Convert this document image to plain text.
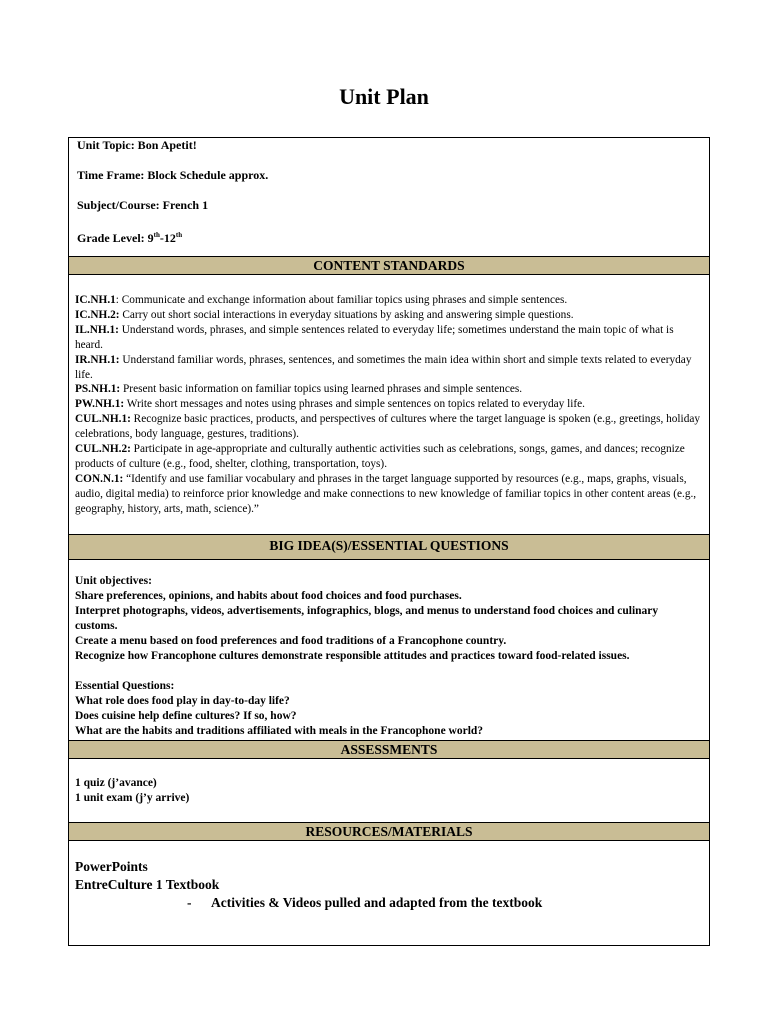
Unit Plan

Unit Topic: Bon Apetit!

Time Frame: Block Schedule approx.

Subject/Course: French 1

Grade Level: 9th-12th

CONTENT STANDARDS

IC.NH.1: Communicate and exchange information about familiar topics using phrases and simple sentences.

IC.NH.2: Carry out short social interactions in everyday situations by asking and answering simple questions.

IL.NH.1: Understand words, phrases, and simple sentences related to everyday life; sometimes understand the main topic of what is heard.

IR.NH.1: Understand familiar words, phrases, sentences, and sometimes the main idea within short and simple texts related to everyday life.

PS.NH.1: Present basic information on familiar topics using learned phrases and simple sentences.

PW.NH.1: Write short messages and notes using phrases and simple sentences on topics related to everyday life.

CUL.NH.1: Recognize basic practices, products, and perspectives of cultures where the target language is spoken (e.g., greetings, holiday celebrations, body language, gestures, traditions).

CUL.NH.2: Participate in age-appropriate and culturally authentic activities such as celebrations, songs, games, and dances; recognize products of culture (e.g., food, shelter, clothing, transportation, toys).

CON.N.1: “Identify and use familiar vocabulary and phrases in the target language supported by resources (e.g., maps, graphs, visuals, audio, digital media) to reinforce prior knowledge and make connections to new knowledge of familiar topics in other content areas (e.g., geography, history, arts, math, science).”

BIG IDEA(S)/ESSENTIAL QUESTIONS

Unit objectives:

Share preferences, opinions, and habits about food choices and food purchases.

Interpret photographs, videos, advertisements, infographics, blogs, and menus to understand food choices and culinary customs.

Create a menu based on food preferences and food traditions of a Francophone country.

Recognize how Francophone cultures demonstrate responsible attitudes and practices toward food-related issues.

Essential Questions:

What role does food play in day-to-day life?

Does cuisine help define cultures? If so, how?

What are the habits and traditions affiliated with meals in the Francophone world?

ASSESSMENTS

1 quiz (j’avance)

1 unit exam (j’y arrive)

RESOURCES/MATERIALS

PowerPoints

EntreCulture 1 Textbook

- Activities & Videos pulled and adapted from the textbook
